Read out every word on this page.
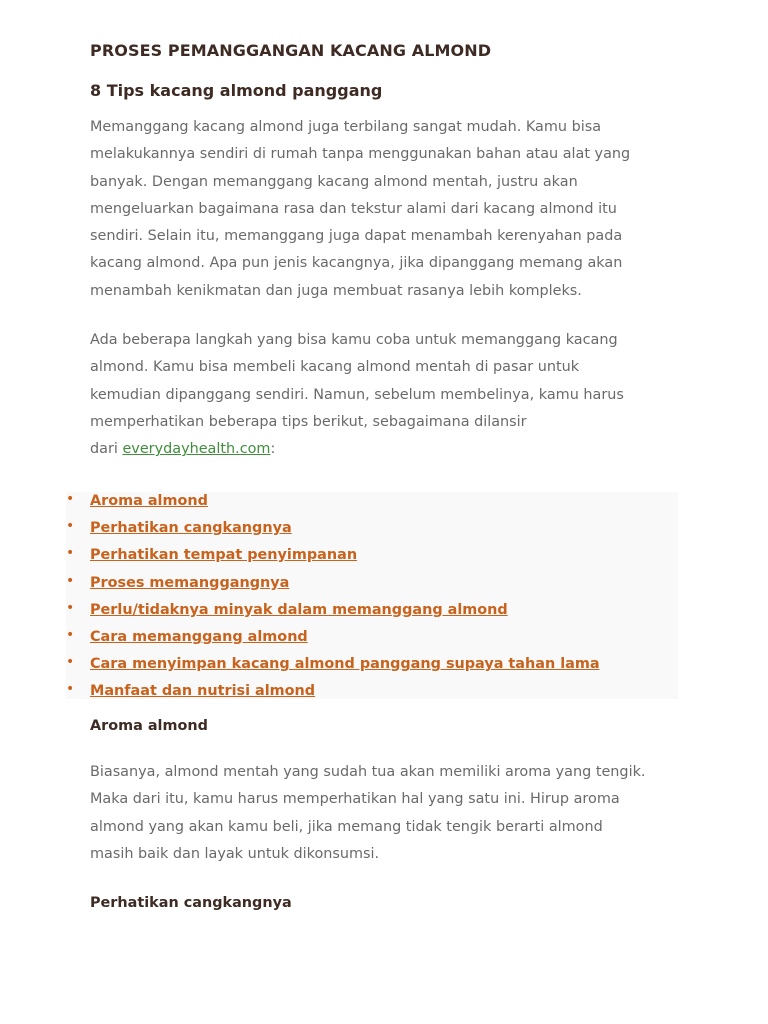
PROSES PEMANGGANGAN KACANG ALMOND
8 Tips kacang almond panggang

Memanggang kacang almond juga terbilang sangat mudah. Kamu bisa
melakukannya sendiri di rumah tanpa menggunakan bahan atau alat yang
banyak. Dengan memanggang kacang almond mentah, justru akan
mengeluarkan bagaimana rasa dan tekstur alami dari kacang almond itu
sendiri. Selain itu, memanggang juga dapat menambah kerenyahan pada
kacang almond. Apa pun jenis kacangnya, jika dipanggang memang akan
menambah kenikmatan dan juga membuat rasanya lebih kompleks.

Ada beberapa langkah yang bisa kamu coba untuk memanggang kacang
almond. Kamu bisa membeli kacang almond mentah di pasar untuk
kemudian dipanggang sendiri. Namun, sebelum membelinya, kamu harus
memperhatikan beberapa tips berikut, sebagaimana dilansir
dari everydayhealth.com:

Biasanya, almond mentah yang sudah tua akan memiliki aroma yang tengik.
Maka dari itu, kamu harus memperhatikan hal yang satu ini. Hirup aroma
almond yang akan kamu beli, jika memang tidak tengik berarti almond
masih baik dan layak untuk dikonsumsi.

• Aroma almond
• Perhatikan cangkangnya
• Perhatikan tempat penyimpanan
• Proses memanggangnya
• Perlu/tidaknya minyak dalam memanggang almond
• Cara memanggang almond
• Cara menyimpan kacang almond panggang supaya tahan lama
• Manfaat dan nutrisi almond
Aroma almond
Perhatikan cangkangnya
